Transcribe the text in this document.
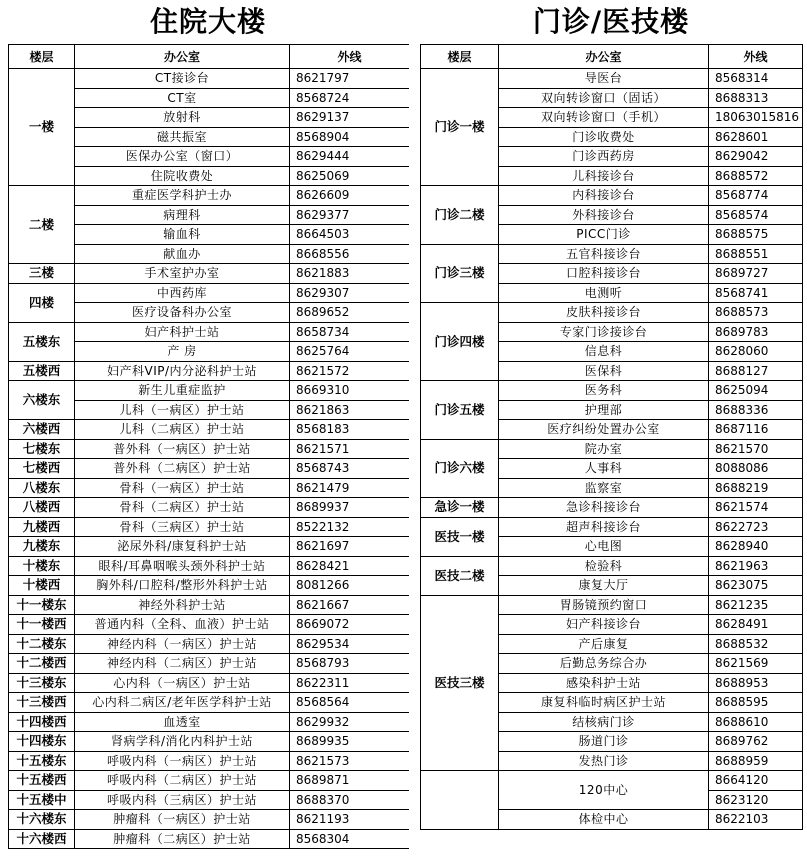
住院大楼	门诊/医技楼
楼层	办公室	外线
一楼	CT接诊台	8621797
	CT室	8568724
	放射科	8629137
	磁共振室	8568904
	医保办公室（窗口）	8629444
	住院收费处	8625069
二楼	重症医学科护士办	8626609
	病理科	8629377
	输血科	8664503
	献血办	8668556
三楼	手术室护办室	8621883
四楼	中西药库	8629307
	医疗设备科办公室	8689652
五楼东	妇产科护士站	8658734
	产 房	8625764
五楼西	妇产科VIP/内分泌科护士站	8621572
六楼东	新生儿重症监护	8669310
	儿科（一病区）护士站	8621863
六楼西	儿科（二病区）护士站	8568183
七楼东	普外科（一病区）护士站	8621571
七楼西	普外科（二病区）护士站	8568743
八楼东	骨科（一病区）护士站	8621479
八楼西	骨科（二病区）护士站	8689937
九楼西	骨科（三病区）护士站	8522132
九楼东	泌尿外科/康复科护士站	8621697
十楼东	眼科/耳鼻咽喉头颈外科护士站	8628421
十楼西	胸外科/口腔科/整形外科护士站	8081266
十一楼东	神经外科护士站	8621667
十一楼西	普通内科（全科、血液）护士站	8669072
十二楼东	神经内科（一病区）护士站	8629534
十二楼西	神经内科（二病区）护士站	8568793
十三楼东	心内科（一病区）护士站	8622311
十三楼西	心内科二病区/老年医学科护士站	8568564
十四楼西	血透室	8629932
十四楼东	肾病学科/消化内科护士站	8689935
十五楼东	呼吸内科（一病区）护士站	8621573
十五楼西	呼吸内科（二病区）护士站	8689871
十五楼中	呼吸内科（三病区）护士站	8688370
十六楼东	肿瘤科（一病区）护士站	8621193
十六楼西	肿瘤科（二病区）护士站	8568304
楼层	办公室	外线
门诊一楼	导医台	8568314
	双向转诊窗口（固话）	8688313
	双向转诊窗口（手机）	18063015816
	门诊收费处	8628601
	门诊西药房	8629042
	儿科接诊台	8688572
门诊二楼	内科接诊台	8568774
	外科接诊台	8568574
	PICC门诊	8688575
门诊三楼	五官科接诊台	8688551
	口腔科接诊台	8689727
	电测听	8568741
门诊四楼	皮肤科接诊台	8688573
	专家门诊接诊台	8689783
	信息科	8628060
	医保科	8688127
门诊五楼	医务科	8625094
	护理部	8688336
	医疗纠纷处置办公室	8687116
门诊六楼	院办室	8621570
	人事科	8088086
	监察室	8688219
急诊一楼	急诊科接诊台	8621574
医技一楼	超声科接诊台	8622723
	心电图	8628940
医技二楼	检验科	8621963
	康复大厅	8623075
医技三楼	胃肠镜预约窗口	8621235
	妇产科接诊台	8628491
	产后康复	8688532
	后勤总务综合办	8621569
	感染科护士站	8688953
	康复科临时病区护士站	8688595
	结核病门诊	8688610
	肠道门诊	8689762
	发热门诊	8688959
	120中心	8664120
		8623120
	体检中心	8622103
